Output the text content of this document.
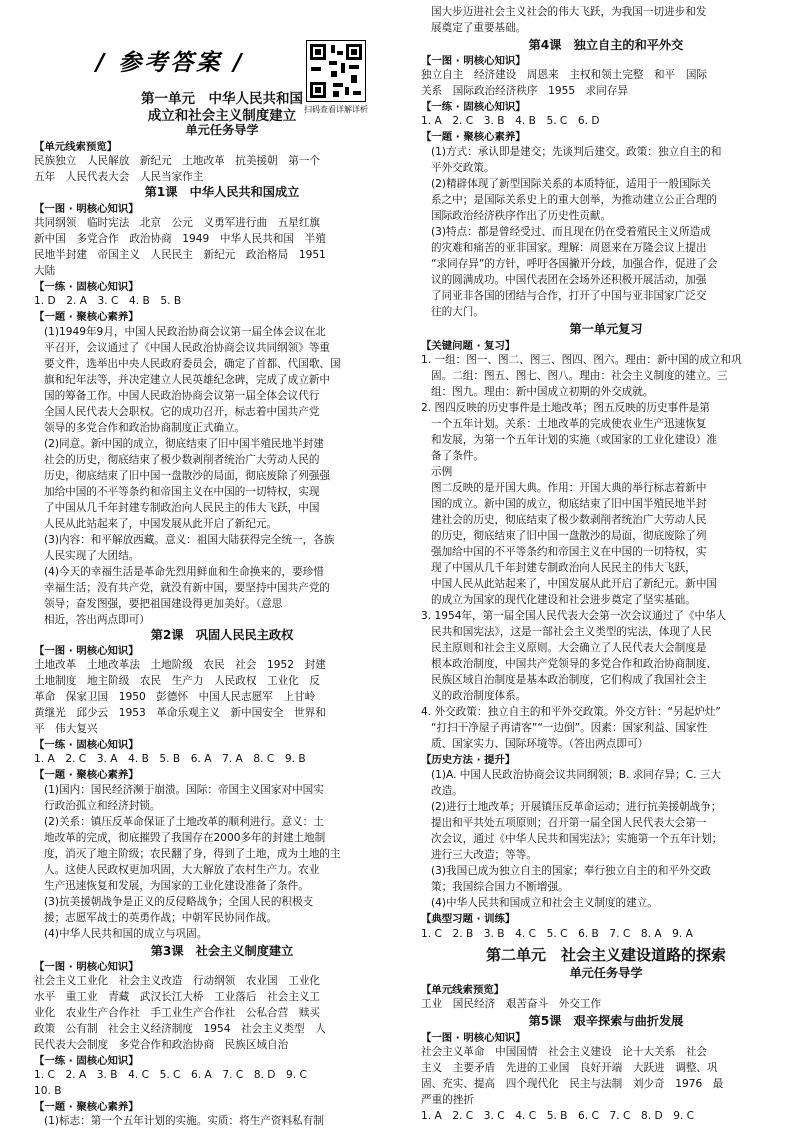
/ 参考答案 /
扫码查看详解详析
第一单元　中华人民共和国
成立和社会主义制度建立
单元任务导学
【单元线索预览】
民族独立　人民解放　新纪元　土地改革　抗美援朝　第一个
五年　人民代表大会　人民当家作主
第1课　中华人民共和国成立
【一图 · 明核心知识】
共同纲领　临时宪法　北京　公元　义勇军进行曲　五星红旗
新中国　多党合作　政治协商　1949　中华人民共和国　半殖
民地半封建　帝国主义　人民民主　新纪元　政治格局　1951
大陆
【一练 · 固核心知识】
1. D　2. A　3. C　4. B　5. B
【一题 · 聚核心素养】
(1)1949年9月，中国人民政治协商会议第一届全体会议在北
平召开，会议通过了《中国人民政治协商会议共同纲领》等重
要文件，选举出中央人民政府委员会，确定了首都、代国歌、国
旗和纪年法等，并决定建立人民英雄纪念碑，完成了成立新中
国的筹备工作。中国人民政治协商会议第一届全体会议代行
全国人民代表大会职权。它的成功召开，标志着中国共产党
领导的多党合作和政治协商制度正式确立。
(2)同意。新中国的成立，彻底结束了旧中国半殖民地半封建
社会的历史，彻底结束了极少数剥削者统治广大劳动人民的
历史，彻底结束了旧中国一盘散沙的局面，彻底废除了列强强
加给中国的不平等条约和帝国主义在中国的一切特权，实现
了中国从几千年封建专制政治向人民民主的伟大飞跃，中国
人民从此站起来了，中国发展从此开启了新纪元。
(3)内容：和平解放西藏。意义：祖国大陆获得完全统一，各族
人民实现了大团结。
(4)今天的幸福生活是革命先烈用鲜血和生命换来的，要珍惜
幸福生活；没有共产党，就没有新中国，要坚持中国共产党的
领导；奋发图强，要把祖国建设得更加美好。（意思
相近，答出两点即可）
第2课　巩固人民民主政权
【一图 · 明核心知识】
土地改革　土地改革法　土地阶级　农民　社会　1952　封建
土地制度　地主阶级　农民　生产力　人民政权　工业化　反
革命　保家卫国　1950　彭德怀　中国人民志愿军　上甘岭
黄继光　邱少云　1953　革命乐观主义　新中国安全　世界和
平　伟大复兴
【一练 · 固核心知识】
1. A　2. C　3. A　4. B　5. B　6. A　7. A　8. C　9. B
【一题 · 聚核心素养】
(1)国内：国民经济濒于崩溃。国际：帝国主义国家对中国实
行政治孤立和经济封锁。
(2)关系：镇压反革命保证了土地改革的顺利进行。意义：土
地改革的完成，彻底摧毁了我国存在2000多年的封建土地制
度，消灭了地主阶级；农民翻了身，得到了土地，成为土地的主
人。这使人民政权更加巩固，大大解放了农村生产力。农业
生产迅速恢复和发展，为国家的工业化建设准备了条件。
(3)抗美援朝战争是正义的反侵略战争；全国人民的积极支
援；志愿军战士的英勇作战；中朝军民协同作战。
(4)中华人民共和国的成立与巩固。
第3课　社会主义制度建立
【一图 · 明核心知识】
社会主义工业化　社会主义改造　行动纲领　农业国　工业化
水平　重工业　青藏　武汉长江大桥　工业落后　社会主义工
业化　农业生产合作社　手工业生产合作社　公私合营　赎买
政策　公有制　社会主义经济制度　1954　社会主义类型　人
民代表大会制度　多党合作和政治协商　民族区域自治
【一练 · 固核心知识】
1. C　2. A　3. B　4. C　5. C　6. A　7. C　8. D　9. C
10. B
【一题 · 聚核心素养】
(1)标志：第一个五年计划的实施。实质：将生产资料私有制
国大步迈进社会主义社会的伟大飞跃，为我国一切进步和发
展奠定了重要基础。
第4课　独立自主的和平外交
【一图 · 明核心知识】
独立自主　经济建设　周恩来　主权和领土完整　和平　国际
关系　国际政治经济秩序　1955　求同存异
【一练 · 固核心知识】
1. A　2. C　3. B　4. B　5. C　6. D
【一题 · 聚核心素养】
(1)方式：承认即是建交；先谈判后建交。政策：独立自主的和
平外交政策。
(2)精辟体现了新型国际关系的本质特征，适用于一般国际关
系之中；是国际关系史上的重大创举，为推动建立公正合理的
国际政治经济秩序作出了历史性贡献。
(3)特点：都是曾经受过、而且现在仍在受着殖民主义所造成
的灾难和痛苦的亚非国家。理解：周恩来在万隆会议上提出
“求同存异”的方针，呼吁各国撇开分歧，加强合作，促进了会
议的圆满成功。中国代表团在会场外还积极开展活动，加强
了同亚非各国的团结与合作，打开了中国与亚非国家广泛交
往的大门。
第一单元复习
【关键问题 · 复习】
1. 一组：图一、图二、图三、图四、图六。理由：新中国的成立和巩
固。二组：图五、图七、图八。理由：社会主义制度的建立。三
组：图九。理由：新中国成立初期的外交成就。
2. 图四反映的历史事件是土地改革；图五反映的历史事件是第
一个五年计划。关系：土地改革的完成使农业生产迅速恢复
和发展，为第一个五年计划的实施（或国家的工业化建设）准
备了条件。
示例
图二反映的是开国大典。作用：开国大典的举行标志着新中
国的成立。新中国的成立，彻底结束了旧中国半殖民地半封
建社会的历史，彻底结束了极少数剥削者统治广大劳动人民
的历史，彻底结束了旧中国一盘散沙的局面，彻底废除了列
强加给中国的不平等条约和帝国主义在中国的一切特权，实
现了中国从几千年封建专制政治向人民民主的伟大飞跃，
中国人民从此站起来了，中国发展从此开启了新纪元。新中国
的成立为国家的现代化建设和社会进步奠定了坚实基础。
3. 1954年，第一届全国人民代表大会第一次会议通过了《中华人
民共和国宪法》，这是一部社会主义类型的宪法，体现了人民
民主原则和社会主义原则。大会确立了人民代表大会制度是
根本政治制度，中国共产党领导的多党合作和政治协商制度、
民族区域自治制度是基本政治制度，它们构成了我国社会主
义的政治制度体系。
4. 外交政策：独立自主的和平外交政策。外交方针：“另起炉灶”
“打扫干净屋子再请客”“一边倒”。因素：国家利益、国家性
质、国家实力、国际环境等。（答出两点即可）
【历史方法 · 提升】
(1)A. 中国人民政治协商会议共同纲领；B. 求同存异；C. 三大
改造。
(2)进行土地改革；开展镇压反革命运动；进行抗美援朝战争；
提出和平共处五项原则；召开第一届全国人民代表大会第一
次会议，通过《中华人民共和国宪法》；实施第一个五年计划；
进行三大改造；等等。
(3)我国已成为独立自主的国家；奉行独立自主的和平外交政
策；我国综合国力不断增强。
(4)中华人民共和国成立和社会主义制度的建立。
【典型习题 · 训练】
1. C　2. B　3. B　4. C　5. C　6. B　7. C　8. A　9. A
第二单元　社会主义建设道路的探索
单元任务导学
【单元线索预览】
工业　国民经济　艰苦奋斗　外交工作
第5课　艰辛探索与曲折发展
【一图 · 明核心知识】
社会主义革命　中国国情　社会主义建设　论十大关系　社会
主义　主要矛盾　先进的工业国　良好开端　大跃进　调整、巩
固、充实、提高　四个现代化　民主与法制　刘少奇　1976　最
严重的挫折
1. A　2. C　3. C　4. C　5. B　6. C　7. C　8. D　9. C
